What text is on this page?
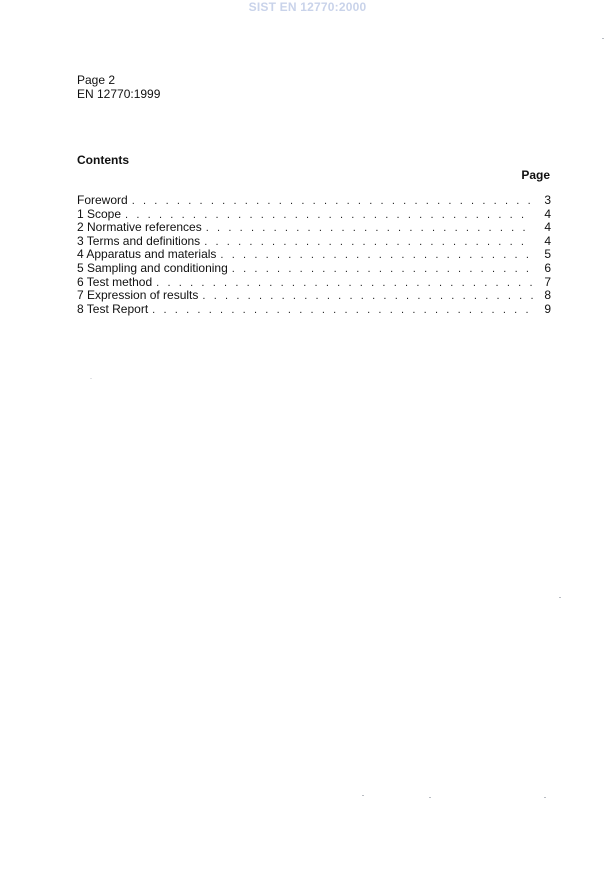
SIST EN 12770:2000
Page 2
EN 12770:1999
Contents
Page
Foreword . . .	3
1 Scope . . .	4
2 Normative references . . .	4
3 Terms and definitions . . .	4
4 Apparatus and materials . . .	5
5 Sampling and conditioning . . .	6
6 Test method . . .	7
7 Expression of results . . .	8
8 Test Report . . .	9
